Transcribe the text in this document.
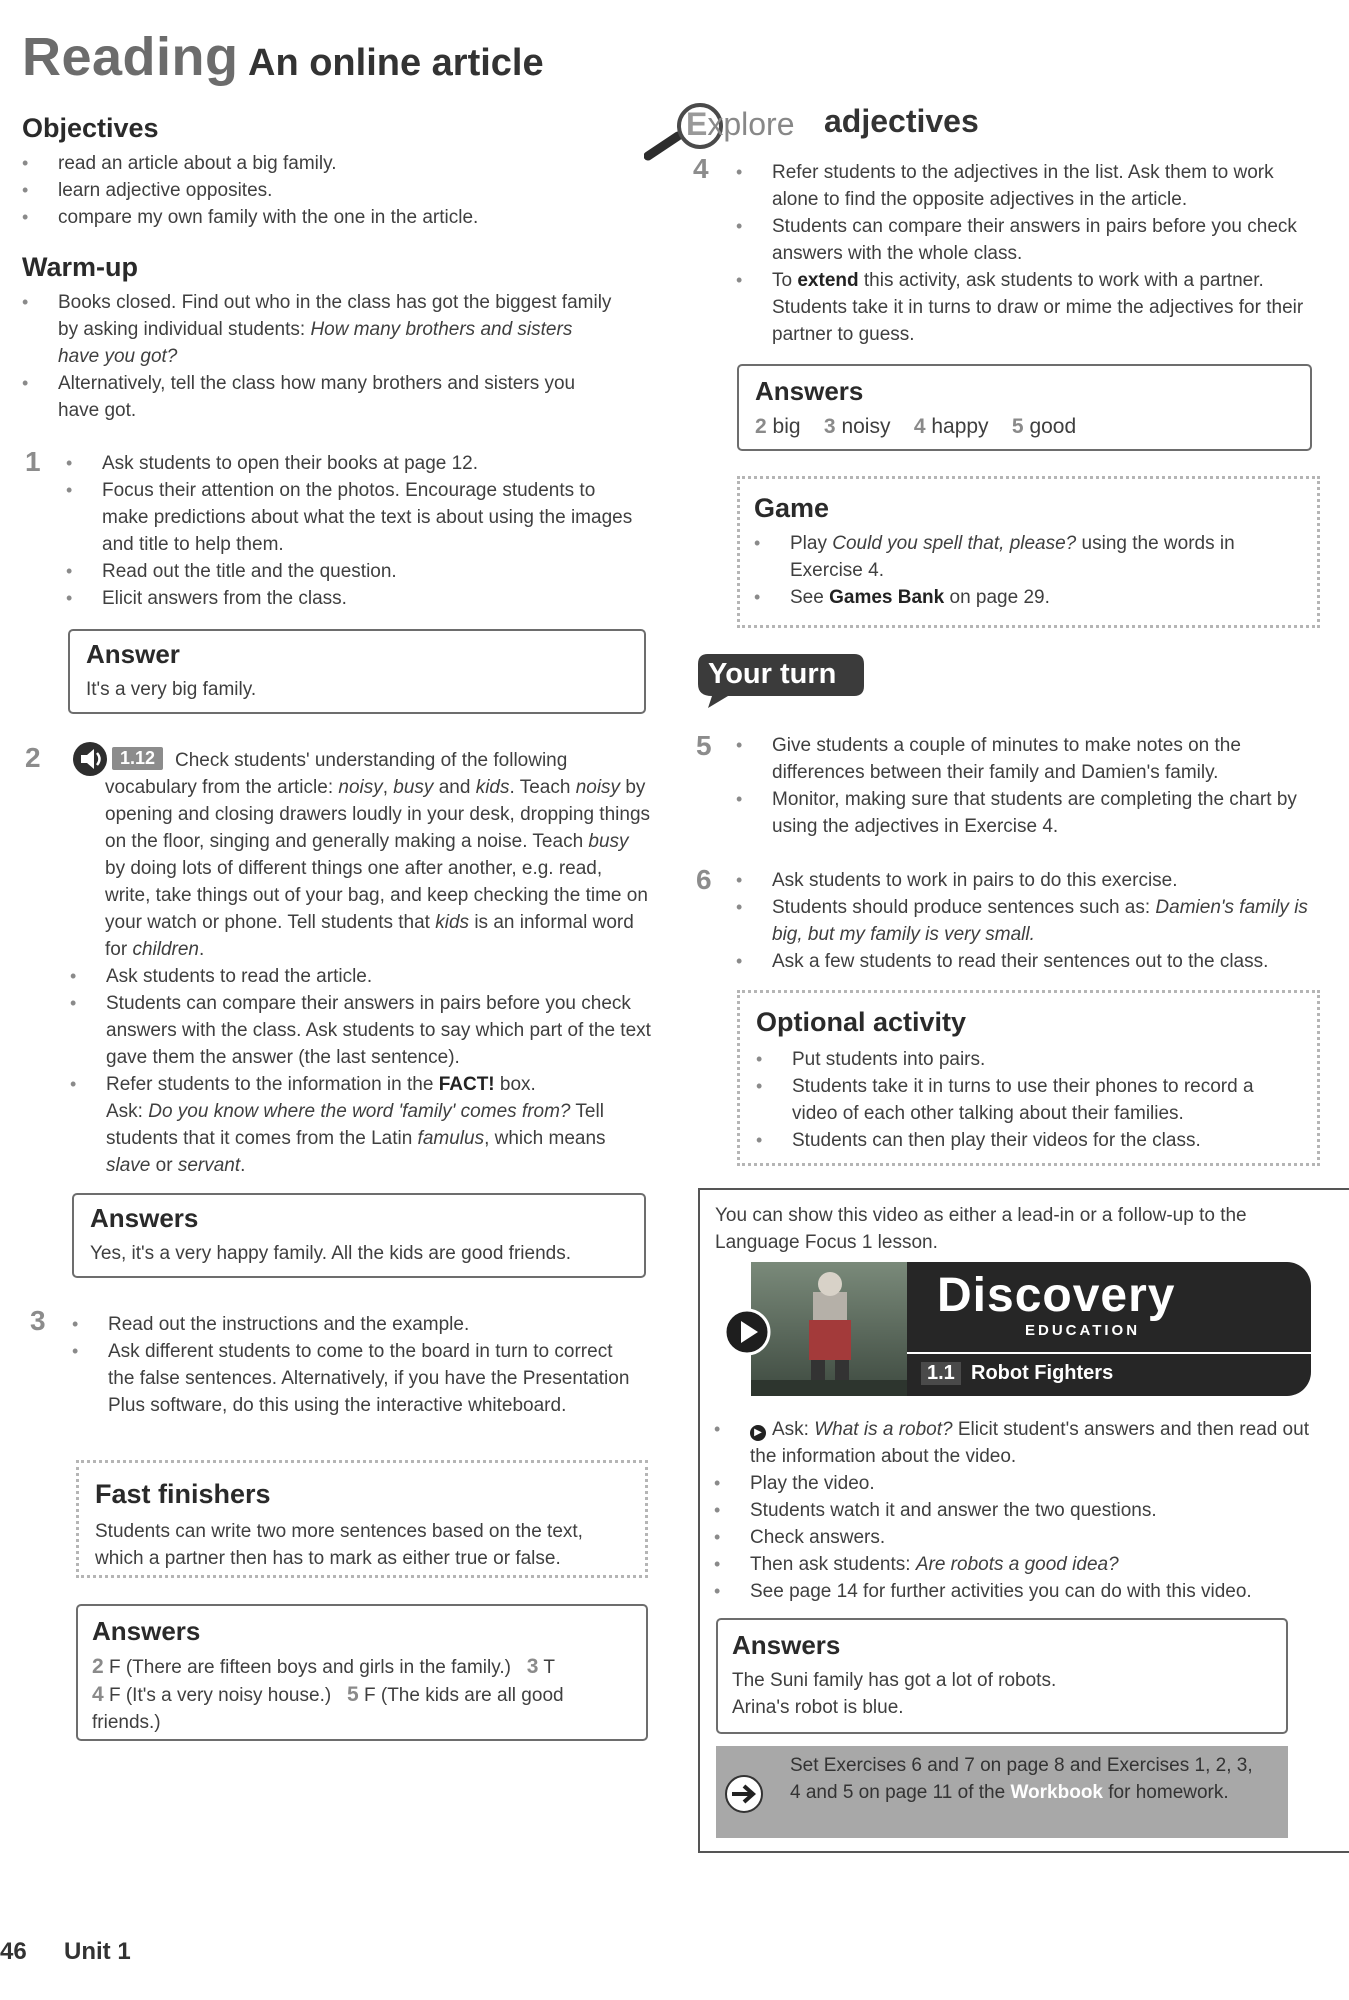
Reading An online article
Objectives
• read an article about a big family.
• learn adjective opposites.
• compare my own family with the one in the article.
Warm-up
• Books closed. Find out who in the class has got the biggest family by asking individual students: How many brothers and sisters have you got?
• Alternatively, tell the class how many brothers and sisters you have got.
1	• Ask students to open their books at page 12.
• Focus their attention on the photos. Encourage students to make predictions about what the text is about using the images and title to help them.
• Read out the title and the question.
• Elicit answers from the class.
Answer
It's a very big family.
2	1.12	Check students' understanding of the following vocabulary from the article: noisy, busy and kids. Teach noisy by opening and closing drawers loudly in your desk, dropping things on the floor, singing and generally making a noise. Teach busy by doing lots of different things one after another, e.g. read, write, take things out of your bag, and keep checking the time on your watch or phone. Tell students that kids is an informal word for children.
• Ask students to read the article.
• Students can compare their answers in pairs before you check answers with the class. Ask students to say which part of the text gave them the answer (the last sentence).
• Refer students to the information in the FACT! box.
Ask: Do you know where the word 'family' comes from? Tell students that it comes from the Latin famulus, which means slave or servant.
Answers
Yes, it's a very happy family. All the kids are good friends.
3	• Read out the instructions and the example.
• Ask different students to come to the board in turn to correct the false sentences. Alternatively, if you have the Presentation Plus software, do this using the interactive whiteboard.
Fast finishers
Students can write two more sentences based on the text, which a partner then has to mark as either true or false.
Answers
2 F (There are fifteen boys and girls in the family.) 3 T
4 F (It's a very noisy house.) 5 F (The kids are all good friends.)
46 Unit 1
Explore adjectives
4	• Refer students to the adjectives in the list. Ask them to work alone to find the opposite adjectives in the article.
• Students can compare their answers in pairs before you check answers with the whole class.
• To extend this activity, ask students to work with a partner. Students take it in turns to draw or mime the adjectives for their partner to guess.
Answers
2 big 3 noisy 4 happy 5 good
Game
• Play Could you spell that, please? using the words in Exercise 4.
• See Games Bank on page 29.
Your turn
5	• Give students a couple of minutes to make notes on the differences between their family and Damien's family.
• Monitor, making sure that students are completing the chart by using the adjectives in Exercise 4.
6	• Ask students to work in pairs to do this exercise.
• Students should produce sentences such as: Damien's family is big, but my family is very small.
• Ask a few students to read their sentences out to the class.
Optional activity
• Put students into pairs.
• Students take it in turns to use their phones to record a video of each other talking about their families.
• Students can then play their videos for the class.
You can show this video as either a lead-in or a follow-up to the Language Focus 1 lesson.
Discovery
EDUCATION
1.1 Robot Fighters
• ▶ Ask: What is a robot? Elicit student's answers and then read out the information about the video.
• Play the video.
• Students watch it and answer the two questions.
• Check answers.
• Then ask students: Are robots a good idea?
• See page 14 for further activities you can do with this video.
Answers
The Suni family has got a lot of robots.
Arina's robot is blue.
Set Exercises 6 and 7 on page 8 and Exercises 1, 2, 3, 4 and 5 on page 11 of the Workbook for homework.
